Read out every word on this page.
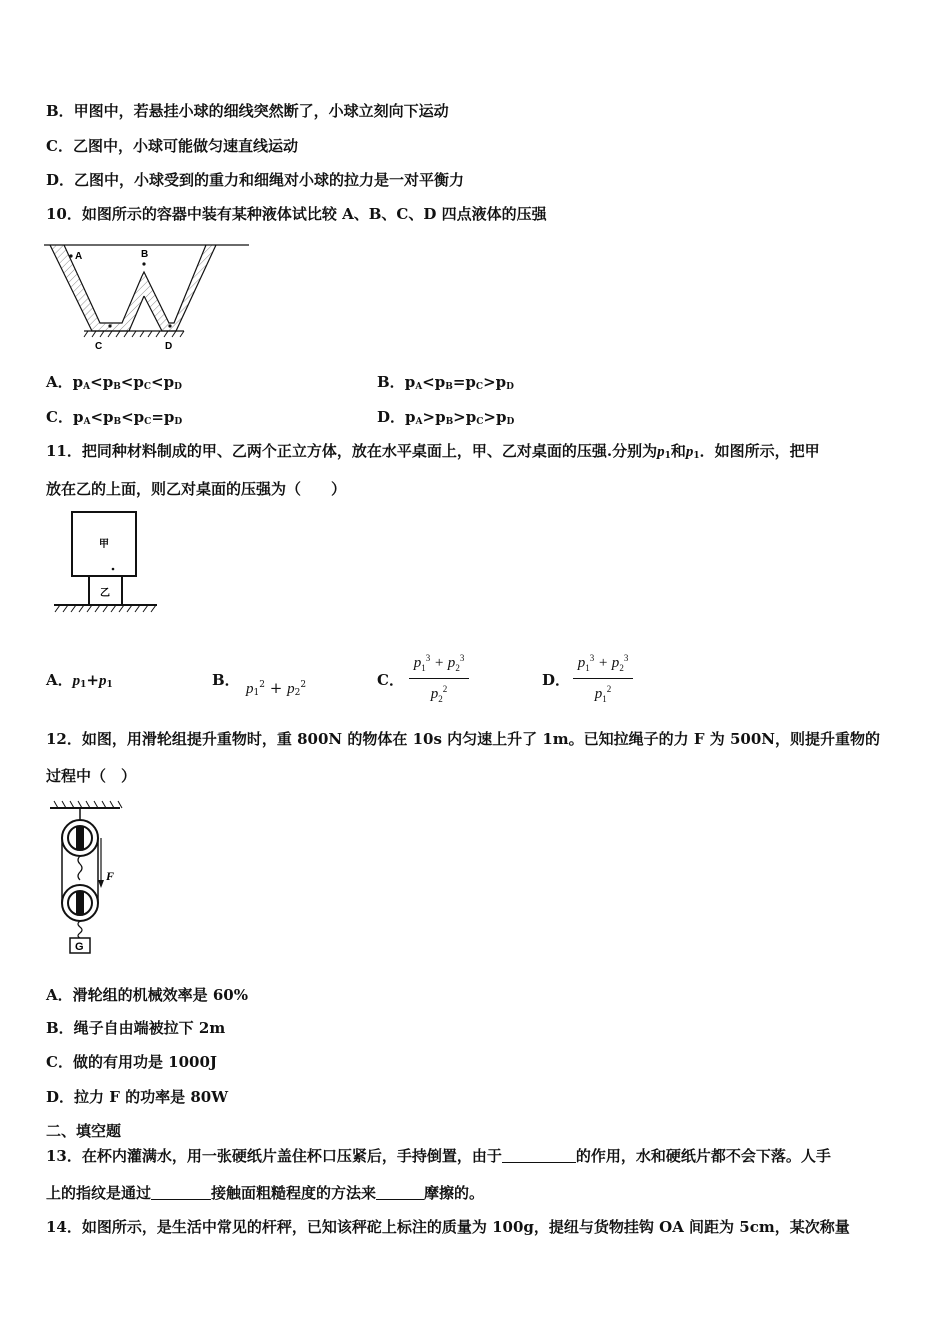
B．甲图中，若悬挂小球的细线突然断了，小球立刻向下运动
C．乙图中，小球可能做匀速直线运动
D．乙图中，小球受到的重力和细绳对小球的拉力是一对平衡力
10．如图所示的容器中装有某种液体试比较 A、B、C、D 四点液体的压强
A	B
C	D
A．$p_A<p_B<p_C<p_D$	B．$p_A<p_B=p_C>p_D$
C．$p_A<p_B<p_C=p_D$	D．$p_A>p_B>p_C>p_D$
11．把同种材料制成的甲、乙两个正立方体，放在水平桌面上，甲、乙对桌面的压强.分别为$p_1$和$p_1$．如图所示，把甲
放在乙的上面，则乙对桌面的压强为（　　）
甲
乙
A．$p_1+p_1$	B． $p_1^2 + p_2^2$	C．
$p_1^3 + p_2^3$
$p_2^2$	D．
$p_1^3 + p_2^3$
$p_1^2$
12．如图，用滑轮组提升重物时，重 800N 的物体在 10s 内匀速上升了 1m。已知拉绳子的力 F 为 500N，则提升重物的
过程中（　）
F
G
A．滑轮组的机械效率是 60%
B．绳子自由端被拉下 2m
C．做的有用功是 1000J
D．拉力 F 的功率是 80W
二、填空题
13．在杯内灌满水，用一张硬纸片盖住杯口压紧后，手持倒置，由于	的作用，水和硬纸片都不会下落。人手
上的指纹是通过	接触面粗糙程度的方法来	摩擦的。
14．如图所示，是生活中常见的杆秤，已知该秤砣上标注的质量为 100g，提纽与货物挂钩 OA 间距为 5cm，某次称量
